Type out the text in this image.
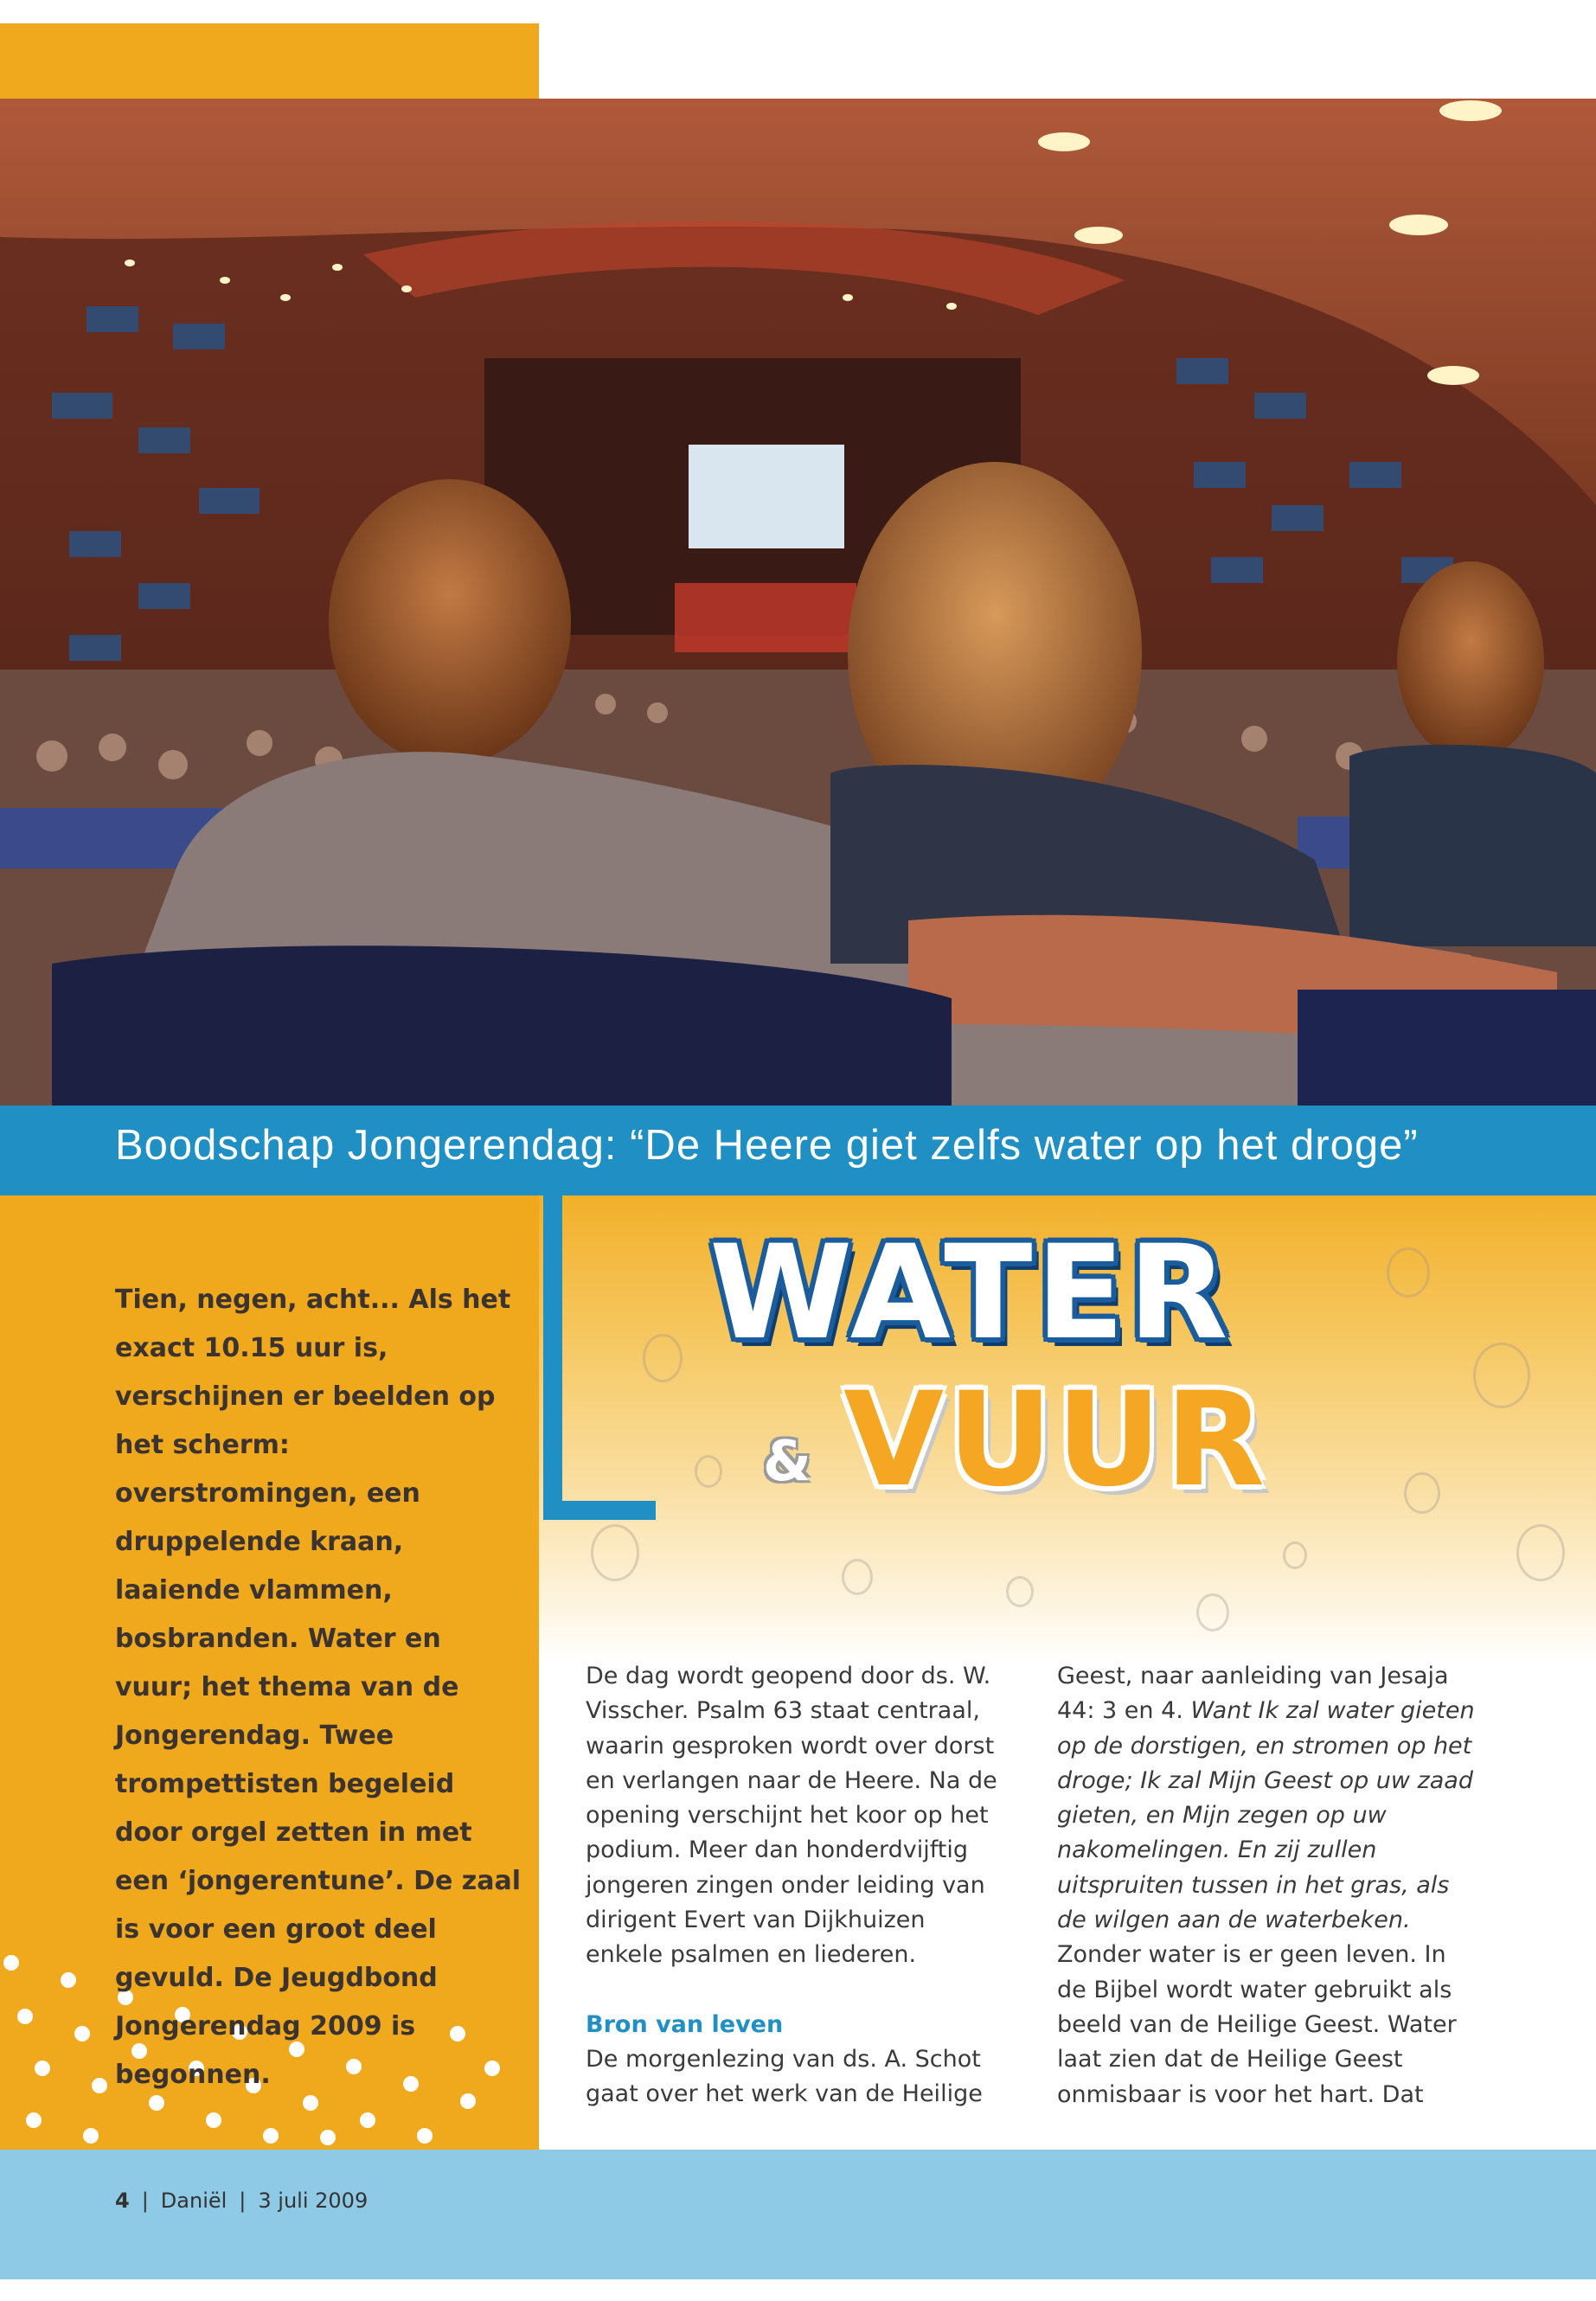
Boodschap Jongerendag: “De Heere giet zelfs water op het droge”

Tien, negen, acht... Als het exact 10.15 uur is, verschijnen er beelden op het scherm: overstromingen, een druppelende kraan, laaiende vlammen, bosbranden. Water en vuur; het thema van de Jongerendag. Twee trompettisten begeleid door orgel zetten in met een ‘jongerentune’. De zaal is voor een groot deel gevuld. De Jeugdbond Jongerendag 2009 is begonnen.

WATER
& VUUR

De dag wordt geopend door ds. W. Visscher. Psalm 63 staat centraal, waarin gesproken wordt over dorst en verlangen naar de Heere. Na de opening verschijnt het koor op het podium. Meer dan honderdvijftig jongeren zingen onder leiding van dirigent Evert van Dijkhuizen enkele psalmen en liederen.

Bron van leven

De morgenlezing van ds. A. Schot gaat over het werk van de Heilige

Geest, naar aanleiding van Jesaja 44: 3 en 4. Want Ik zal water gieten op de dorstigen, en stromen op het droge; Ik zal Mijn Geest op uw zaad gieten, en Mijn zegen op uw nakomelingen. En zij zullen uitspruiten tussen in het gras, als de wilgen aan de waterbeken.

Zonder water is er geen leven. In de Bijbel wordt water gebruikt als beeld van de Heilige Geest. Water laat zien dat de Heilige Geest onmisbaar is voor het hart. Dat

4 | Daniël | 3 juli 2009
